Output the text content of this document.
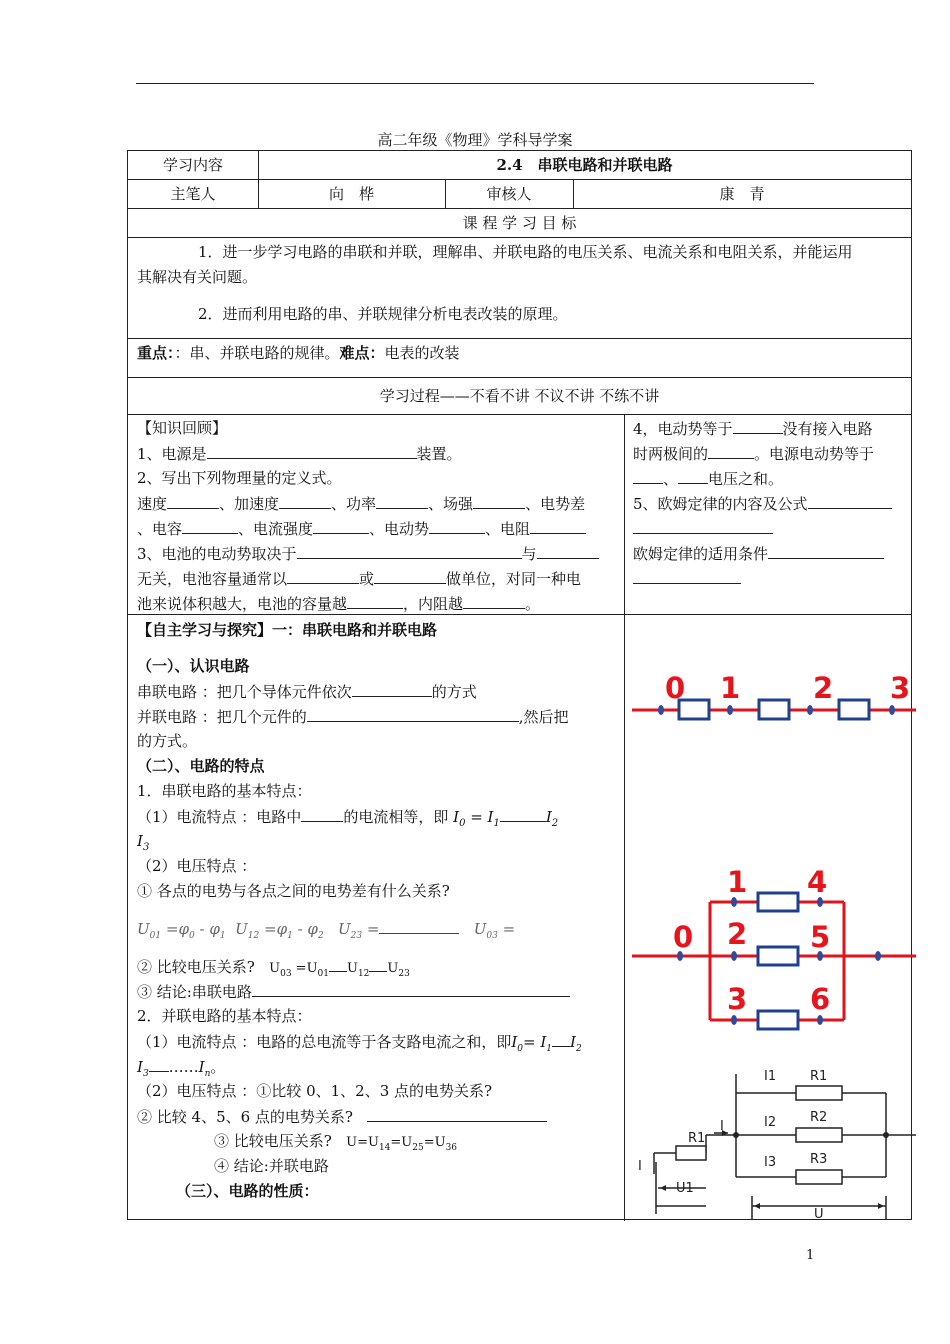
高二年级《物理》学科导学案
学习内容	2.4　串联电路和并联电路
主笔人	向　桦	审核人	康　青
课 程 学 习 目 标
1．进一步学习电路的串联和并联，理解串、并联电路的电压关系、电流关系和电阻关系，并能运用
其解决有关问题。
2．进而利用电路的串、并联规律分析电表改装的原理。
重点：：串、并联电路的规律。难点：电表的改装
学习过程——不看不讲 不议不讲 不练不讲
【知识回顾】
1、电源是	装置。
2、写出下列物理量的定义式。
速度	、加速度	、功率	、场强	、电势差
、电容	、电流强度	、电动势	、电阻
3、电池的电动势取决于	与
无关，电池容量通常以	或	做单位，对同一种电
池来说体积越大，电池的容量越	，内阻越	。
4，电动势等于	没有接入电路
时两极间的	。电源电动势等于
、 电压之和。
5、欧姆定律的内容及公式
欧姆定律的适用条件
【自主学习与探究】一：串联电路和并联电路
（一）、认识电路
串联电路 ：把几个导体元件依次	的方式
并联电路 ：把几个元件的	,然后把
的方式。
（二）、电路的特点
1．串联电路的基本特点：
（1）电流特点 ：电路中	的电流相等，即 $I_0 = I_1$	$I_2$
$I_3$
（2）电压特点 ：
① 各点的电势与各点之间的电势差有什么关系?
$U_{01} =\varphi_0 - \varphi_1$ $U_{12} =\varphi_1 - \varphi_2$ $U_{23}$ =	$U_{03}$ =
② 比较电压关系? $U_{03} =U_{01}$ $U_{12}$ $U_{23}$
③ 结论:串联电路
2．并联电路的基本特点：
（1）电流特点 ：电路的总电流等于各支路电流之和，即$I_0= I_1$ $I_2$
$I_3$ $\dots\dots I_n$。
（2）电压特点 ：①比较 0、1、2、3 点的电势关系?
② 比较 4、5、6 点的电势关系?
③ 比较电压关系? $U=U_{14}=U_{25}=U_{36}$
④ 结论:并联电路
（三）、电路的性质：
0 1	2 3
1 4
0 2 5
3 6
I1	R1
I	I2	R2
R1
I	I3	R3
U1
U
1
